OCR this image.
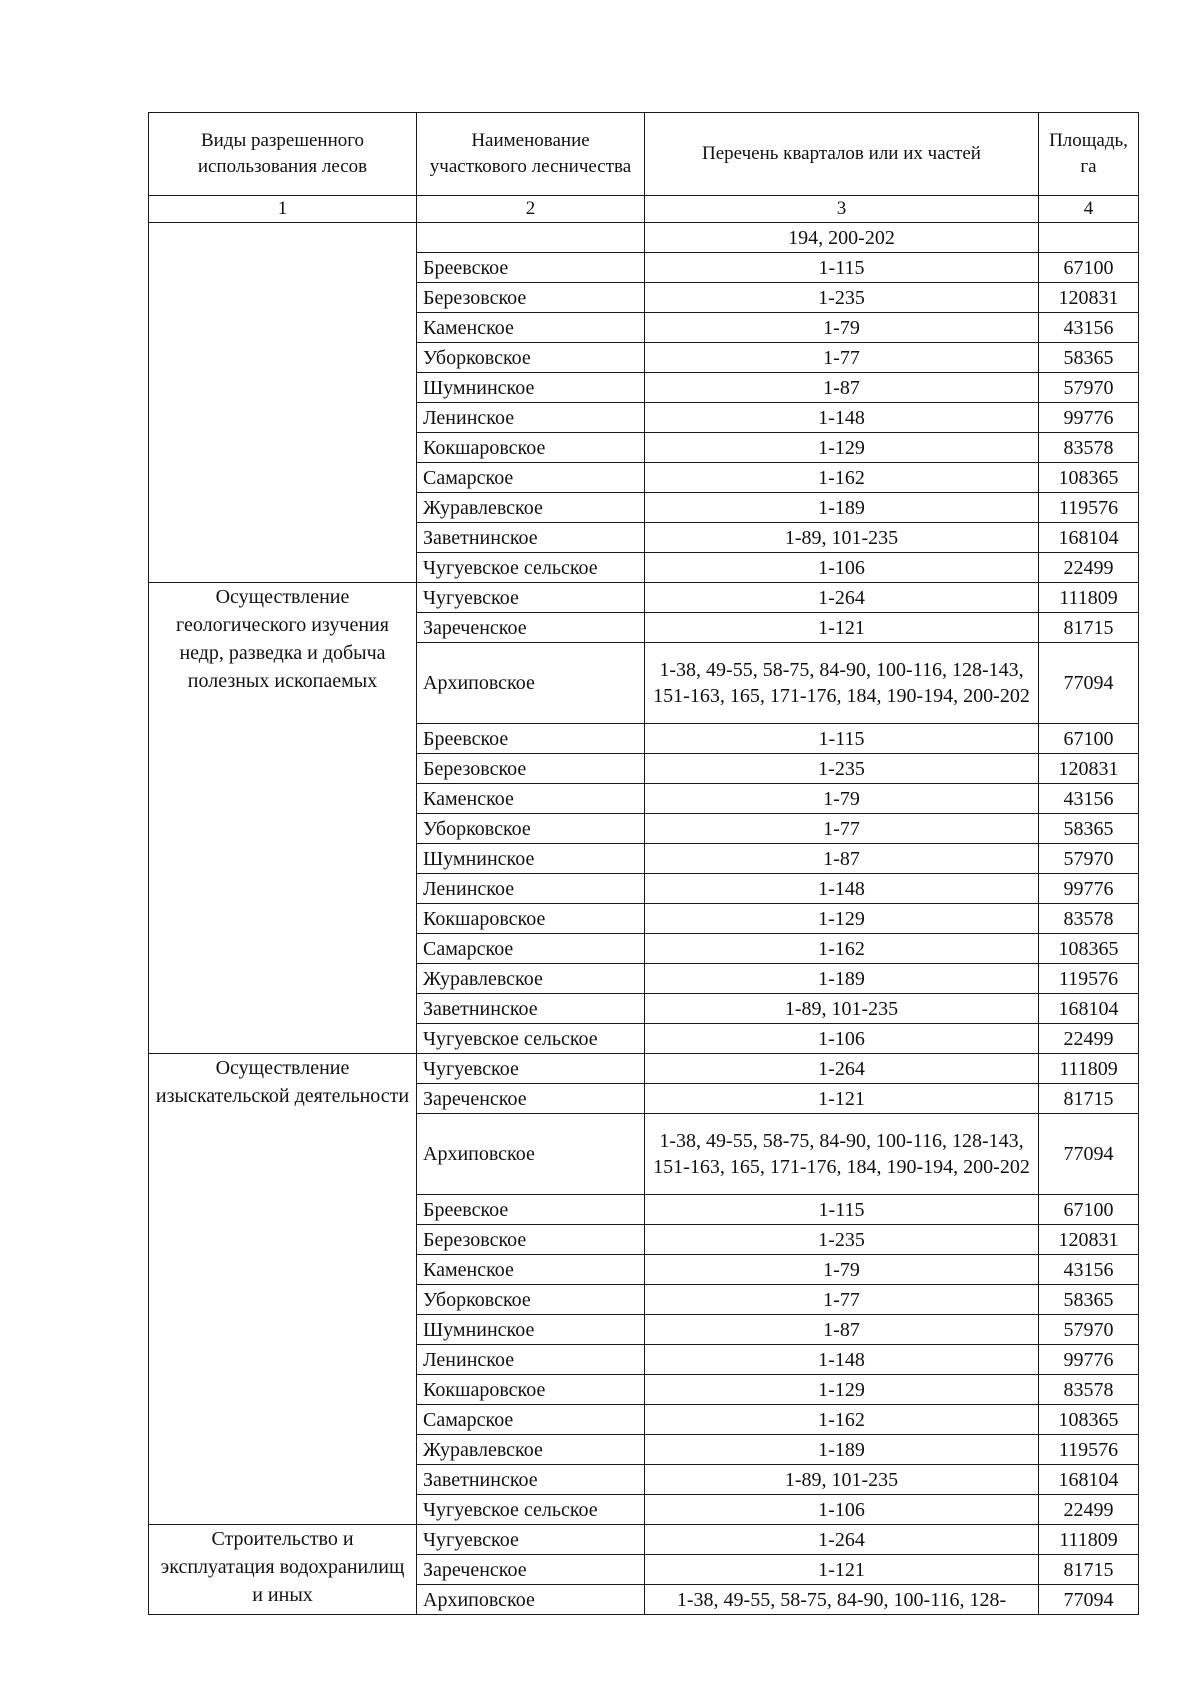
Виды разрешенного использования лесов	Наименование участкового лесничества	Перечень кварталов или их частей	Площадь, га
1	2	3	4
		194, 200-202	
	Бреевское	1-115	67100
	Березовское	1-235	120831
	Каменское	1-79	43156
	Уборковское	1-77	58365
	Шумнинское	1-87	57970
	Ленинское	1-148	99776
	Кокшаровское	1-129	83578
	Самарское	1-162	108365
	Журавлевское	1-189	119576
	Заветнинское	1-89, 101-235	168104
	Чугуевское сельское	1-106	22499
Осуществление геологического изучения недр, разведка и добыча полезных ископаемых	Чугуевское	1-264	111809
	Зареченское	1-121	81715
	Архиповское	1-38, 49-55, 58-75, 84-90, 100-116, 128-143, 151-163, 165, 171-176, 184, 190-194, 200-202	77094
	Бреевское	1-115	67100
	Березовское	1-235	120831
	Каменское	1-79	43156
	Уборковское	1-77	58365
	Шумнинское	1-87	57970
	Ленинское	1-148	99776
	Кокшаровское	1-129	83578
	Самарское	1-162	108365
	Журавлевское	1-189	119576
	Заветнинское	1-89, 101-235	168104
	Чугуевское сельское	1-106	22499
Осуществление изыскательской деятельности	Чугуевское	1-264	111809
	Зареченское	1-121	81715
	Архиповское	1-38, 49-55, 58-75, 84-90, 100-116, 128-143, 151-163, 165, 171-176, 184, 190-194, 200-202	77094
	Бреевское	1-115	67100
	Березовское	1-235	120831
	Каменское	1-79	43156
	Уборковское	1-77	58365
	Шумнинское	1-87	57970
	Ленинское	1-148	99776
	Кокшаровское	1-129	83578
	Самарское	1-162	108365
	Журавлевское	1-189	119576
	Заветнинское	1-89, 101-235	168104
	Чугуевское сельское	1-106	22499
Строительство и эксплуатация водохранилищ и иных	Чугуевское	1-264	111809
	Зареченское	1-121	81715
	Архиповское	1-38, 49-55, 58-75, 84-90, 100-116, 128-	77094
